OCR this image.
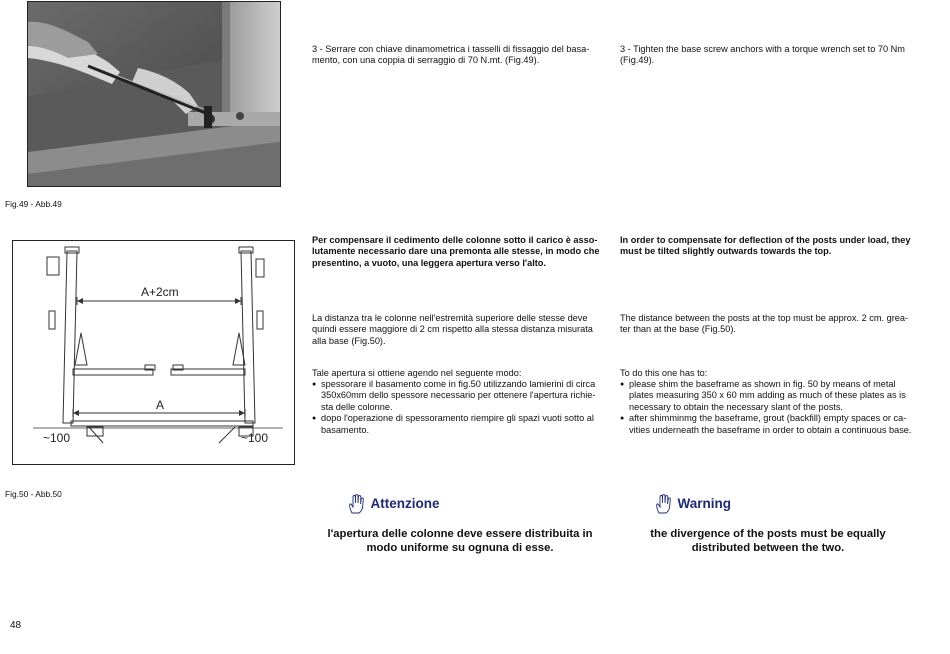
Fig.49 - Abb.49
3 - Serrare con chiave dinamometrica i tasselli di fissaggio del basa-
mento, con una coppia di serraggio di 70 N.mt. (Fig.49).
3 - Tighten the base screw anchors with a torque wrench set to 70 Nm
(Fig.49).
A+2cm
A
~100	~100
Fig.50 - Abb.50
Per compensare il cedimento delle colonne sotto il carico è asso-
lutamente necessario dare una premonta alle stesse, in modo che
presentino, a vuoto, una leggera apertura verso l'alto.
La distanza tra le colonne nell'estremità superiore delle stesse deve
quindi essere maggiore di 2 cm rispetto alla stessa distanza misurata
alla base (Fig.50).
Tale apertura si ottiene agendo nel seguente modo:
● spessorare il basamento come in fig.50 utilizzando lamierini di circa
350x60mm dello spessore necessario per ottenere l'apertura richie-
sta delle colonne.
● dopo l'operazione di spessoramento riempire gli spazi vuoti sotto al
basamento.
In order to compensate for deflection of the posts under load, they
must be tilted slightly outwards towards the top.
The distance between the posts at the top must be approx. 2 cm. grea-
ter than at the base (Fig.50).
To do this one has to:
● please shim the baseframe as shown in fig. 50 by means of metal
plates measuring 350 x 60 mm adding as much of these plates as is
necessary to obtain the necessary slant of the posts.
● after shimminmg the baseframe, grout (backfill) empty spaces or ca-
vities underneath the baseframe in order to obtain a continuous base.
Attenzione
l'apertura delle colonne deve essere distribuita in
modo uniforme su ognuna di esse.
Warning
the divergence of the posts must be equally
distributed between the two.
48
